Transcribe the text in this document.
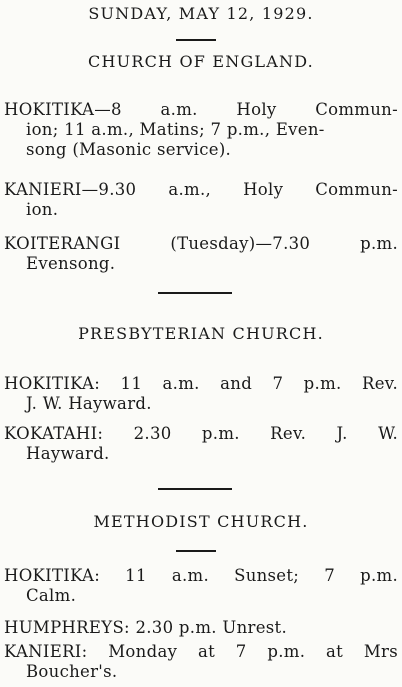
SUNDAY, MAY 12, 1929.
CHURCH OF ENGLAND.
HOKITIKA—8 a.m. Holy Commun-
ion; 11 a.m., Matins; 7 p.m., Even-
song (Masonic service).
KANIERI—9.30 a.m., Holy Commun-
ion.
KOITERANGI (Tuesday)—7.30 p.m.
Evensong.
PRESBYTERIAN CHURCH.
HOKITIKA: 11 a.m. and 7 p.m. Rev.
J. W. Hayward.
KOKATAHI: 2.30 p.m. Rev. J. W.
Hayward.
METHODIST CHURCH.
HOKITIKA: 11 a.m. Sunset; 7 p.m.
Calm.
HUMPHREYS: 2.30 p.m. Unrest.
KANIERI: Monday at 7 p.m. at Mrs
Boucher's.
